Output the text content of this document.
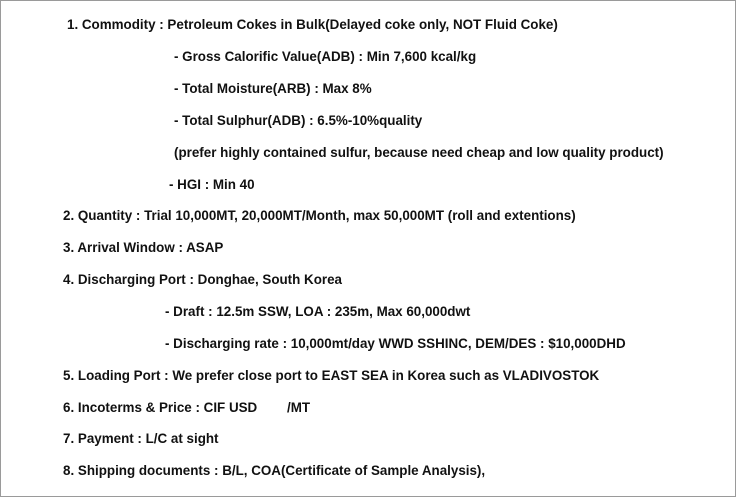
1. Commodity : Petroleum Cokes in Bulk(Delayed coke only, NOT Fluid Coke)
- Gross Calorific Value(ADB) : Min 7,600 kcal/kg
- Total Moisture(ARB) : Max 8%
- Total Sulphur(ADB) : 6.5%-10%quality
(prefer highly contained sulfur, because need cheap and low quality product)
- HGI : Min 40
2. Quantity : Trial 10,000MT, 20,000MT/Month, max 50,000MT (roll and extentions)
3. Arrival Window : ASAP
4. Discharging Port : Donghae, South Korea
- Draft : 12.5m SSW, LOA : 235m, Max 60,000dwt
- Discharging rate : 10,000mt/day WWD SSHINC, DEM/DES : $10,000DHD
5. Loading Port : We prefer close port to EAST SEA in Korea such as VLADIVOSTOK
6. Incoterms & Price : CIF USD        /MT
7. Payment : L/C at sight
8. Shipping documents : B/L, COA(Certificate of Sample Analysis),
